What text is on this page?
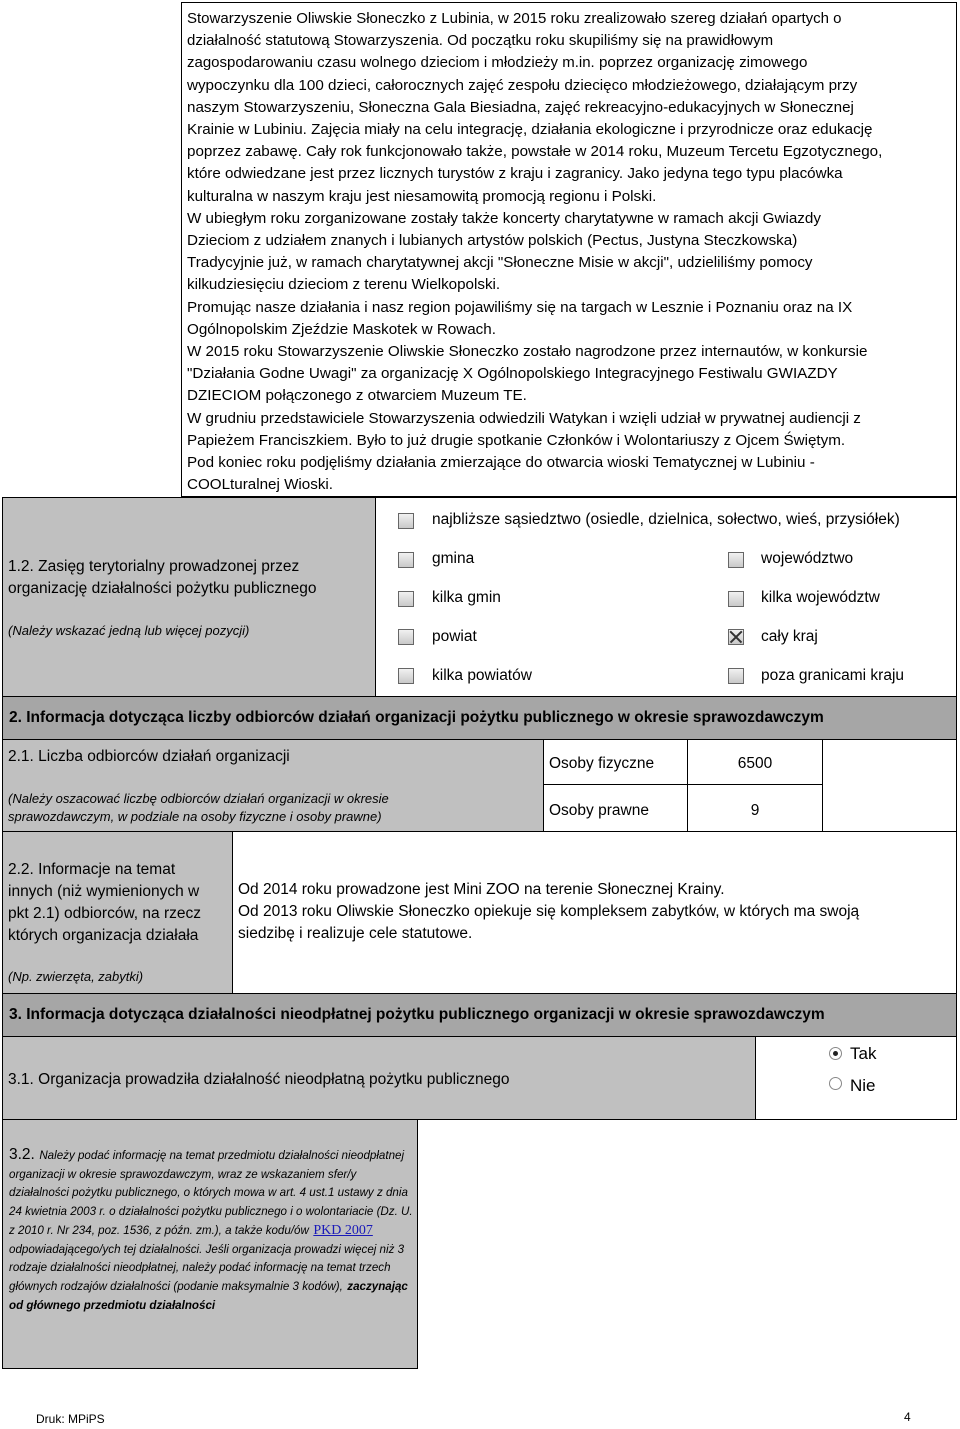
Stowarzyszenie Oliwskie Słoneczko z Lubinia, w 2015 roku zrealizowało szereg działań opartych o
działalność statutową Stowarzyszenia. Od początku roku skupiliśmy się na prawidłowym
zagospodarowaniu czasu wolnego dzieciom i młodzieży m.in. poprzez organizację zimowego
wypoczynku dla 100 dzieci, całorocznych zajęć zespołu dziecięco młodzieżowego, działającym przy
naszym Stowarzyszeniu, Słoneczna Gala Biesiadna, zajęć rekreacyjno-edukacyjnych w Słonecznej
Krainie w Lubiniu. Zajęcia miały na celu integrację, działania ekologiczne i przyrodnicze oraz edukację
poprzez zabawę. Cały rok funkcjonowało także, powstałe w 2014 roku, Muzeum Tercetu Egzotycznego,
które odwiedzane jest przez licznych turystów z kraju i zagranicy. Jako jedyna tego typu placówka
kulturalna w naszym kraju jest niesamowitą promocją regionu i Polski.
W ubiegłym roku zorganizowane zostały także koncerty charytatywne w ramach akcji Gwiazdy
Dzieciom z udziałem znanych i lubianych artystów polskich (Pectus, Justyna Steczkowska)
Tradycyjnie już, w ramach charytatywnej akcji "Słoneczne Misie w akcji", udzieliliśmy pomocy
kilkudziesięciu dzieciom z terenu Wielkopolski.
Promując nasze działania i nasz region pojawiliśmy się na targach w Lesznie i Poznaniu oraz na IX
Ogólnopolskim Zjeździe Maskotek w Rowach.
W 2015 roku Stowarzyszenie Oliwskie Słoneczko zostało nagrodzone przez internautów, w konkursie
"Działania Godne Uwagi" za organizację X Ogólnopolskiego Integracyjnego Festiwalu GWIAZDY
DZIECIOM połączonego z otwarciem Muzeum TE.
W grudniu przedstawiciele Stowarzyszenia odwiedzili Watykan i wzięli udział w prywatnej audiencji z
Papieżem Franciszkiem. Było to już drugie spotkanie Członków i Wolontariuszy z Ojcem Świętym.
Pod koniec roku podjęliśmy działania zmierzające do otwarcia wioski Tematycznej w Lubiniu -
COOLturalnej Wioski.
1.2. Zasięg terytorialny prowadzonej przez organizację działalności pożytku publicznego
(Należy wskazać jedną lub więcej pozycji)
najbliższe sąsiedztwo (osiedle, dzielnica, sołectwo, wieś, przysiółek)
gmina	województwo
kilka gmin	kilka województw
powiat	cały kraj
kilka powiatów	poza granicami kraju
2. Informacja dotycząca liczby odbiorców działań organizacji pożytku publicznego w okresie sprawozdawczym
2.1. Liczba odbiorców działań organizacji
(Należy oszacować liczbę odbiorców działań organizacji w okresie sprawozdawczym, w podziale na osoby fizyczne i osoby prawne)
Osoby fizyczne	6500
Osoby prawne	9
2.2. Informacje na temat innych (niż wymienionych w pkt 2.1) odbiorców, na rzecz których organizacja działała
(Np. zwierzęta, zabytki)
Od 2014 roku prowadzone jest Mini ZOO na terenie Słonecznej Krainy.
Od 2013 roku Oliwskie Słoneczko opiekuje się kompleksem zabytków, w których ma swoją
siedzibę i realizuje cele statutowe.
3. Informacja dotycząca działalności nieodpłatnej pożytku publicznego organizacji w okresie sprawozdawczym
3.1. Organizacja prowadziła działalność nieodpłatną pożytku publicznego
Tak
Nie
3.2. Należy podać informację na temat przedmiotu działalności nieodpłatnej organizacji w okresie sprawozdawczym, wraz ze wskazaniem sfer/y działalności pożytku publicznego, o których mowa w art. 4 ust.1 ustawy z dnia 24 kwietnia 2003 r. o działalności pożytku publicznego i o wolontariacie (Dz. U. z 2010 r. Nr 234, poz. 1536, z późn. zm.), a także kodu/ów PKD 2007 odpowiadającego/ych tej działalności. Jeśli organizacja prowadzi więcej niż 3 rodzaje działalności nieodpłatnej, należy podać informację na temat trzech głównych rodzajów działalności (podanie maksymalnie 3 kodów), zaczynając od głównego przedmiotu działalności
Druk: MPiPS	4
